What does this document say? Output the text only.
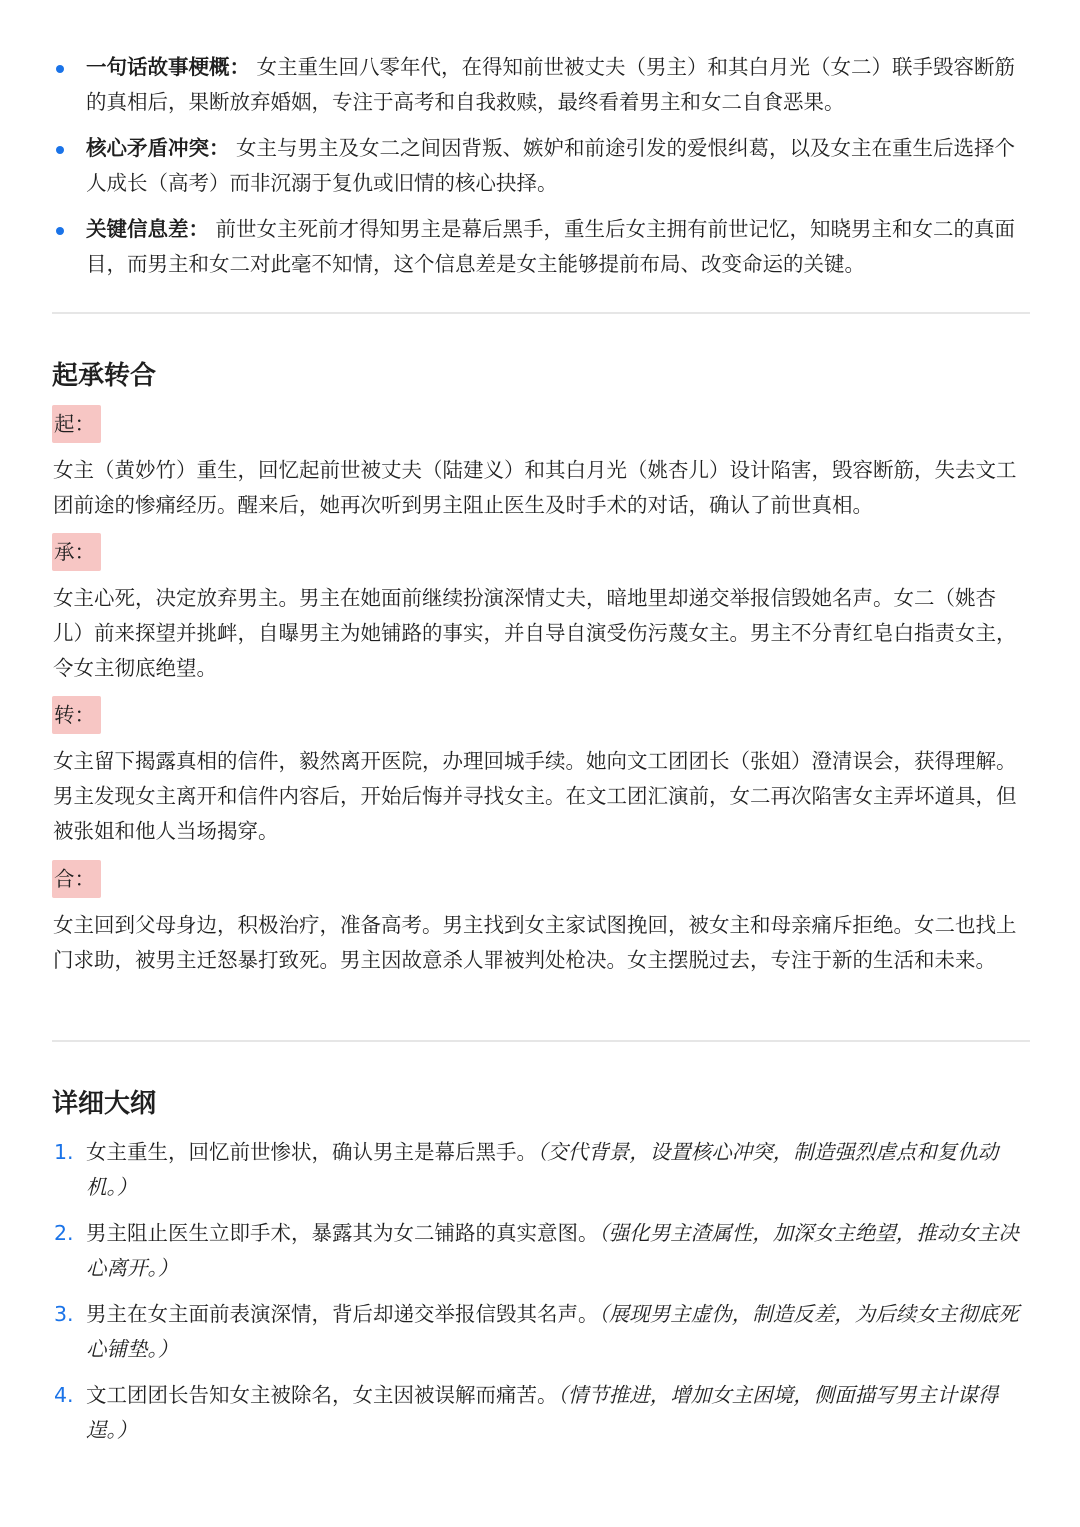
一句话故事梗概： 女主重生回八零年代，在得知前世被丈夫（男主）和其白月光（女二）联手毁容断筋的真相后，果断放弃婚姻，专注于高考和自我救赎，最终看着男主和女二自食恶果。
核心矛盾冲突： 女主与男主及女二之间因背叛、嫉妒和前途引发的爱恨纠葛，以及女主在重生后选择个人成长（高考）而非沉溺于复仇或旧情的核心抉择。
关键信息差： 前世女主死前才得知男主是幕后黑手，重生后女主拥有前世记忆，知晓男主和女二的真面目，而男主和女二对此毫不知情，这个信息差是女主能够提前布局、改变命运的关键。
起承转合
起：
女主（黄妙竹）重生，回忆起前世被丈夫（陆建义）和其白月光（姚杏儿）设计陷害，毁容断筋，失去文工团前途的惨痛经历。醒来后，她再次听到男主阻止医生及时手术的对话，确认了前世真相。
承：
女主心死，决定放弃男主。男主在她面前继续扮演深情丈夫，暗地里却递交举报信毁她名声。女二（姚杏儿）前来探望并挑衅，自曝男主为她铺路的事实，并自导自演受伤污蔑女主。男主不分青红皂白指责女主，令女主彻底绝望。
转：
女主留下揭露真相的信件，毅然离开医院，办理回城手续。她向文工团团长（张姐）澄清误会，获得理解。男主发现女主离开和信件内容后，开始后悔并寻找女主。在文工团汇演前，女二再次陷害女主弄坏道具，但被张姐和他人当场揭穿。
合：
女主回到父母身边，积极治疗，准备高考。男主找到女主家试图挽回，被女主和母亲痛斥拒绝。女二也找上门求助，被男主迁怒暴打致死。男主因故意杀人罪被判处枪决。女主摆脱过去，专注于新的生活和未来。
详细大纲
1. 女主重生，回忆前世惨状，确认男主是幕后黑手。（交代背景，设置核心冲突，制造强烈虐点和复仇动机。）
2. 男主阻止医生立即手术，暴露其为女二铺路的真实意图。（强化男主渣属性，加深女主绝望，推动女主决心离开。）
3. 男主在女主面前表演深情，背后却递交举报信毁其名声。（展现男主虚伪，制造反差，为后续女主彻底死心铺垫。）
4. 文工团团长告知女主被除名，女主因被误解而痛苦。（情节推进，增加女主困境，侧面描写男主计谋得逞。）
